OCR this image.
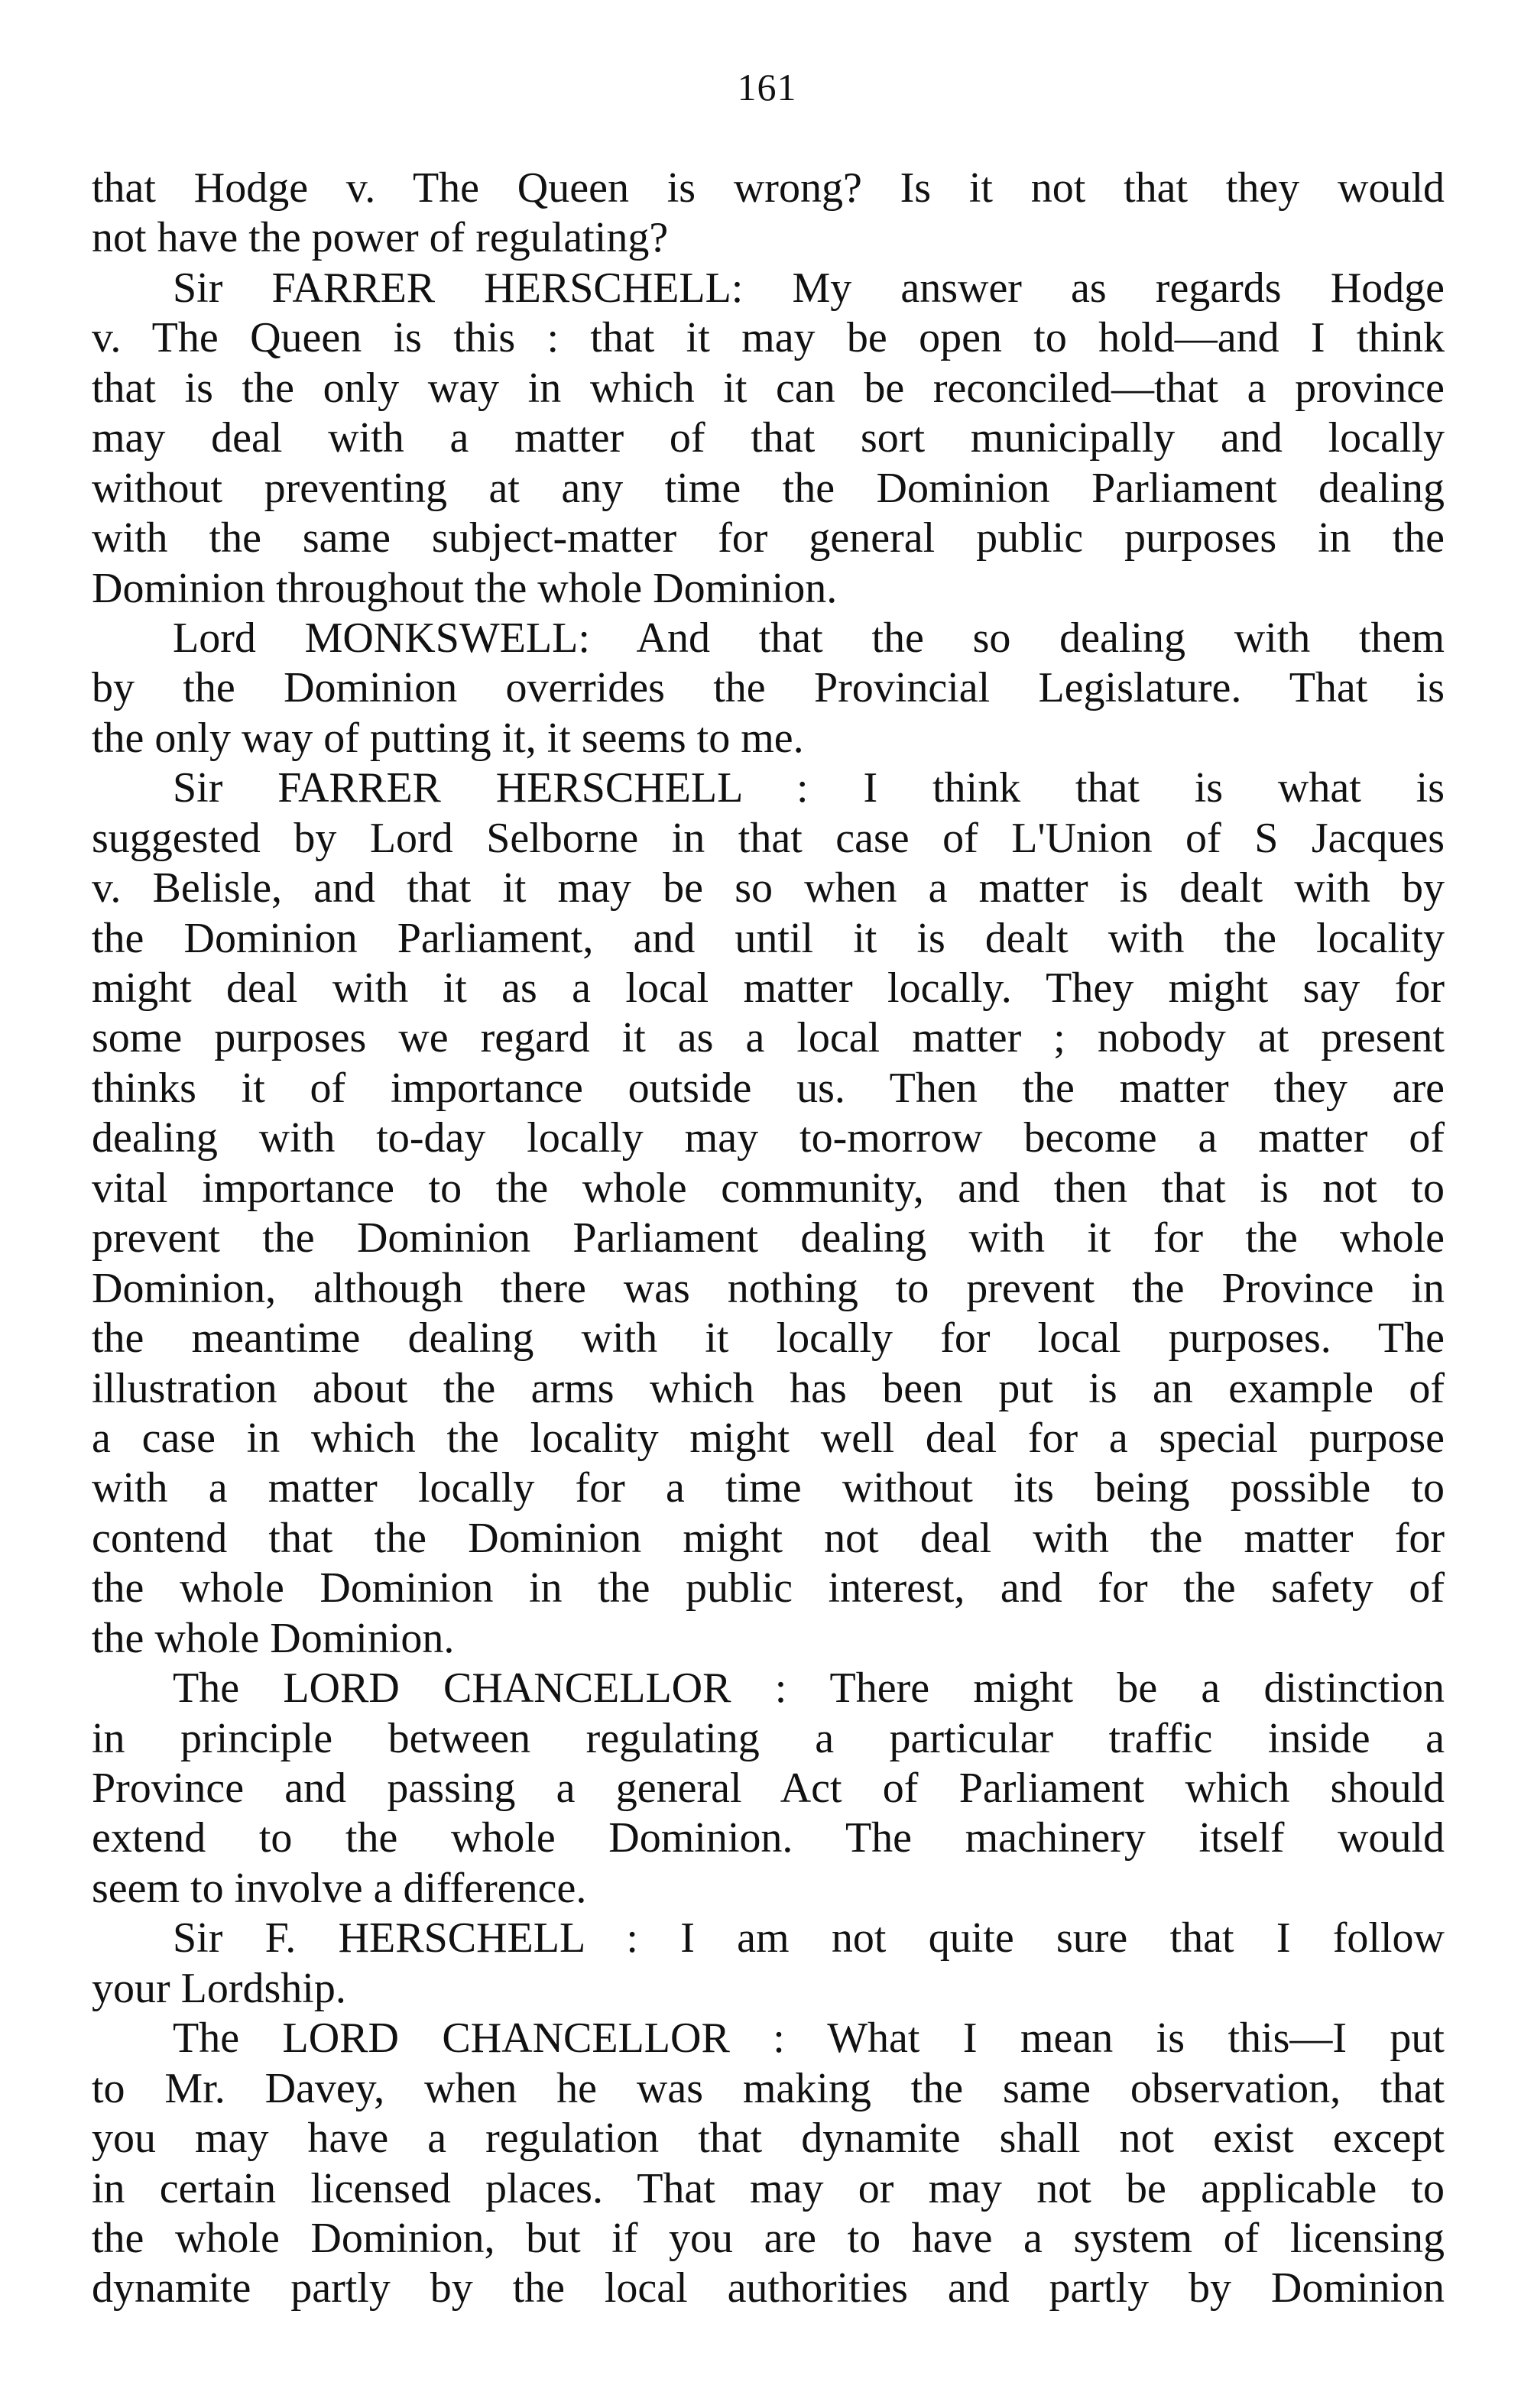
161
that Hodge v. The Queen is wrong? Is it not that they would
not have the power of regulating?
Sir FARRER HERSCHELL: My answer as regards Hodge
v. The Queen is this : that it may be open to hold—and I think
that is the only way in which it can be reconciled—that a province
may deal with a matter of that sort municipally and locally
without preventing at any time the Dominion Parliament dealing
with the same subject-matter for general public purposes in the
Dominion throughout the whole Dominion.
Lord MONKSWELL: And that the so dealing with them
by the Dominion overrides the Provincial Legislature. That is
the only way of putting it, it seems to me.
Sir FARRER HERSCHELL : I think that is what is
suggested by Lord Selborne in that case of L'Union of S Jacques
v. Belisle, and that it may be so when a matter is dealt with by
the Dominion Parliament, and until it is dealt with the locality
might deal with it as a local matter locally. They might say for
some purposes we regard it as a local matter ; nobody at present
thinks it of importance outside us. Then the matter they are
dealing with to-day locally may to-morrow become a matter of
vital importance to the whole community, and then that is not to
prevent the Dominion Parliament dealing with it for the whole
Dominion, although there was nothing to prevent the Province in
the meantime dealing with it locally for local purposes. The
illustration about the arms which has been put is an example of
a case in which the locality might well deal for a special purpose
with a matter locally for a time without its being possible to
contend that the Dominion might not deal with the matter for
the whole Dominion in the public interest, and for the safety of
the whole Dominion.
The LORD CHANCELLOR : There might be a distinction
in principle between regulating a particular traffic inside a
Province and passing a general Act of Parliament which should
extend to the whole Dominion. The machinery itself would
seem to involve a difference.
Sir F. HERSCHELL : I am not quite sure that I follow
your Lordship.
The LORD CHANCELLOR : What I mean is this—I put
to Mr. Davey, when he was making the same observation, that
you may have a regulation that dynamite shall not exist except
in certain licensed places. That may or may not be applicable to
the whole Dominion, but if you are to have a system of licensing
dynamite partly by the local authorities and partly by Dominion
